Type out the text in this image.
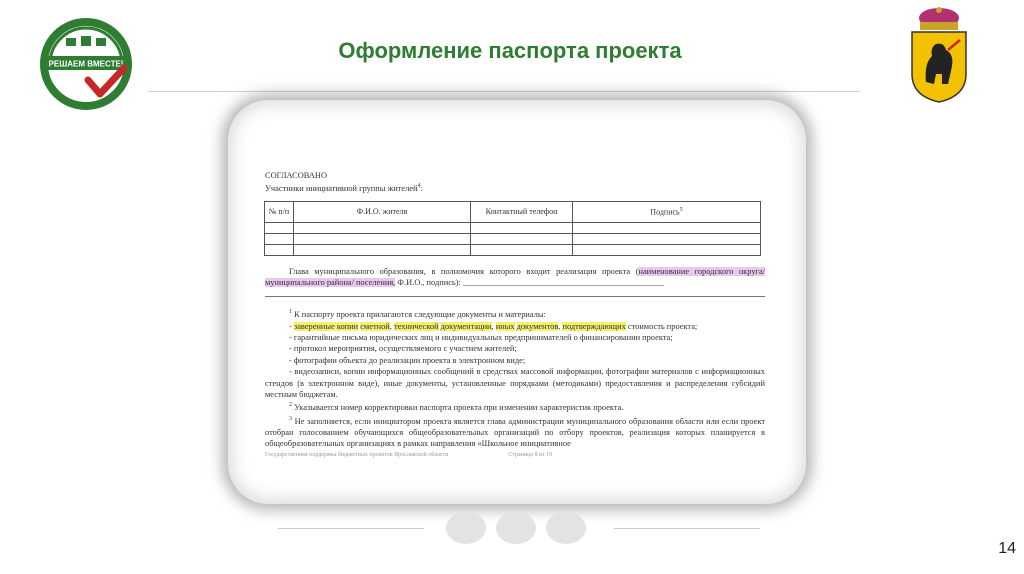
РЕШАЕМ ВМЕСТЕ!
Оформление паспорта проекта

СОГЛАСОВАНО

Участники инициативной группы жителей$^4$:

№ п/п	Ф.И.О. жителя	Контактный телефон	Подпись$^5$

Глава муниципального образования, в полномочия которого входит реализация проекта (наименование городского округа/ муниципального района/ поселения, Ф.И.О., подпись): ________________________________________________

$^1$ К паспорту проекта прилагаются следующие документы и материалы:

- заверенные копии сметной, технической документации, иных документов, подтверждающих стоимость проекта;

- гарантийные письма юридических лиц и индивидуальных предпринимателей о финансировании проекта;

- протокол мероприятия, осуществляемого с участием жителей;

- фотографии объекта до реализации проекта в электронном виде;

- видеозаписи, копии информационных сообщений в средствах массовой информации, фотографии материалов с информационных стендов (в электронном виде), иные документы, установленные порядками (методиками) предоставления и распределения субсидий местным бюджетам.

$^2$ Указывается номер корректировки паспорта проекта при изменении характеристик проекта.

$^3$ Не заполняется, если инициатором проекта является глава администрации муниципального образования области или если проект отобран голосованием обучающихся общеобразовательных организаций по отбору проектов, реализация которых планируется в общеобразовательных организациях в рамках направления «Школьное инициативное

Государственная поддержка бюджетных проектов Ярославской области	Страница 8 из 19

14
